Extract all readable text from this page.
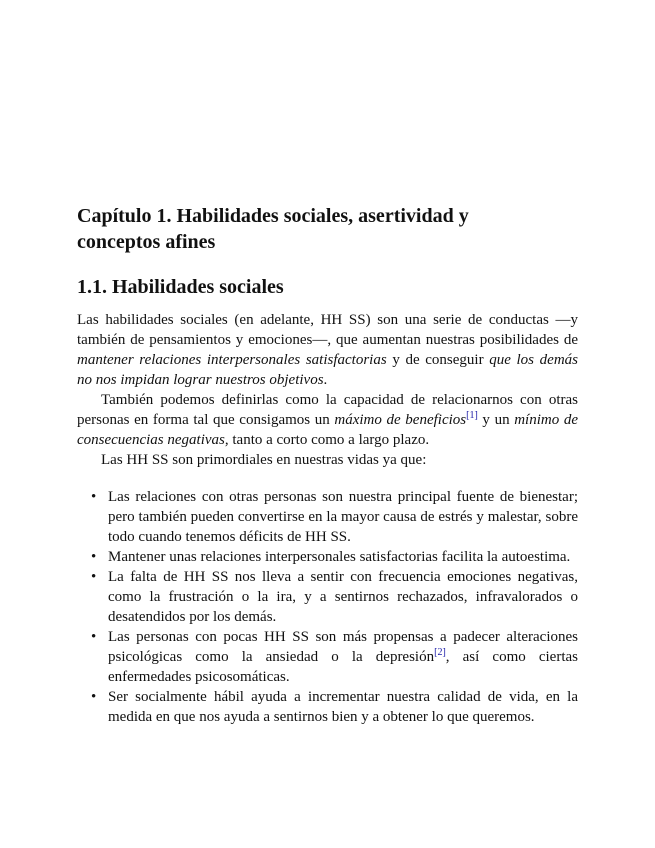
Capítulo 1. Habilidades sociales, asertividad y
conceptos afines
1.1. Habilidades sociales

Las habilidades sociales (en adelante, HH SS) son una serie de conductas —y también de pensamientos y emociones—, que aumentan nuestras posibilidades de mantener relaciones interpersonales satisfactorias y de conseguir que los demás no nos impidan lograr nuestros objetivos.

También podemos definirlas como la capacidad de relacionarnos con otras personas en forma tal que consigamos un máximo de beneficios[1] y un mínimo de consecuencias negativas, tanto a corto como a largo plazo.

Las HH SS son primordiales en nuestras vidas ya que:

• Las relaciones con otras personas son nuestra principal fuente de bienestar; pero también pueden convertirse en la mayor causa de estrés y malestar, sobre todo cuando tenemos déficits de HH SS.
• Mantener unas relaciones interpersonales satisfactorias facilita la autoestima.
• La falta de HH SS nos lleva a sentir con frecuencia emociones negativas, como la frustración o la ira, y a sentirnos rechazados, infravalorados o desatendidos por los demás.
• Las personas con pocas HH SS son más propensas a padecer alteraciones psicológicas como la ansiedad o la depresión[2], así como ciertas enfermedades psicosomáticas.
• Ser socialmente hábil ayuda a incrementar nuestra calidad de vida, en la medida en que nos ayuda a sentirnos bien y a obtener lo que queremos.
